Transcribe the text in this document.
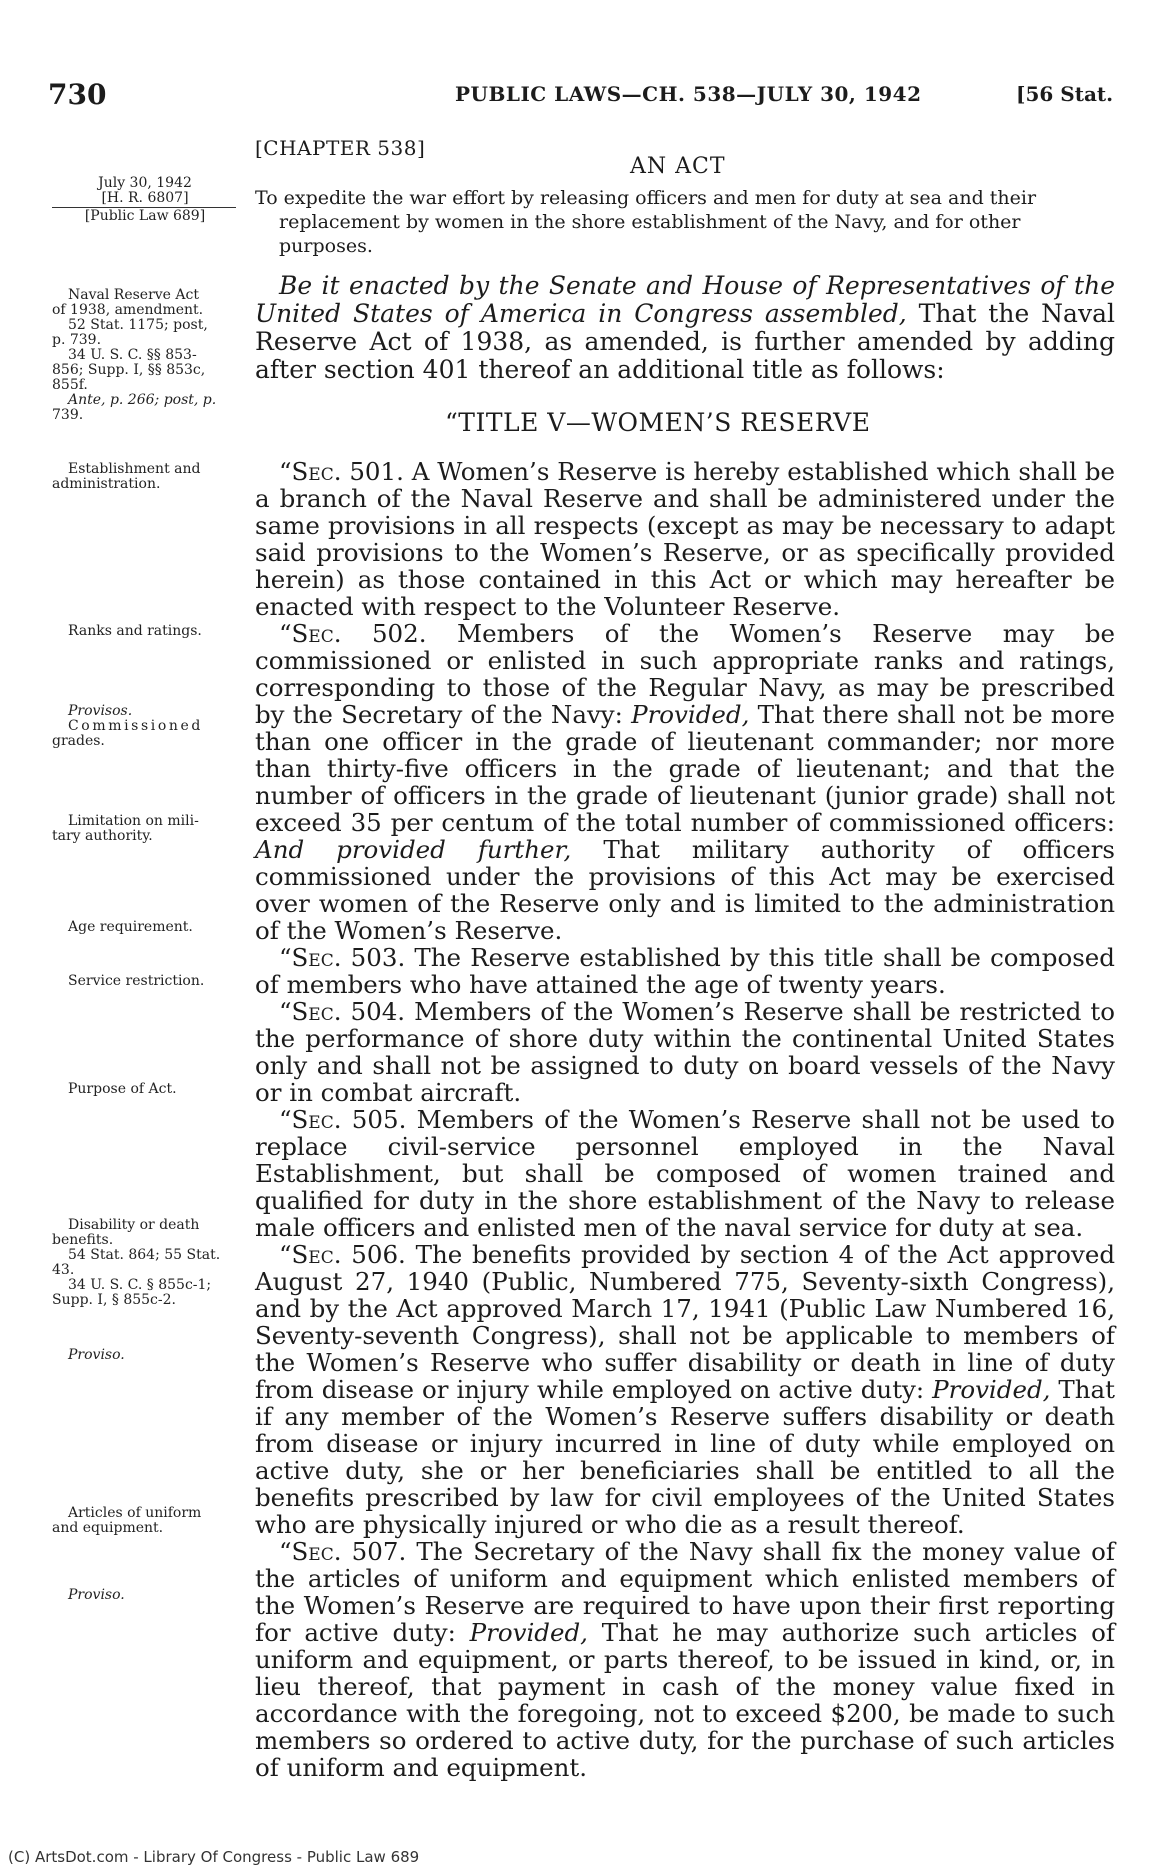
730	PUBLIC LAWS—CH. 538—JULY 30, 1942	[56 Stat.
July 30, 1942
[H. R. 6807]
[Public Law 689]
Naval Reserve Act
of 1938, amendment.
52 Stat. 1175; post,
p. 739.
34 U. S. C. §§ 853-
856; Supp. I, §§ 853c,
855f.
Ante, p. 266; post, p.
739.
Establishment and
administration.
Ranks and ratings.
Provisos.
Commissioned
grades.
Limitation on mili-
tary authority.
Age requirement.
Service restriction.
Purpose of Act.
Disability or death
benefits.
54 Stat. 864; 55 Stat.
43.
34 U. S. C. § 855c-1;
Supp. I, § 855c-2.
Proviso.
Articles of uniform
and equipment.
Proviso.
[CHAPTER 538]
AN ACT
To expedite the war effort by releasing officers and men for duty at sea and their
replacement by women in the shore establishment of the Navy, and for other
purposes.
Be it enacted by the Senate and House of Representatives of the United States of America in Congress assembled, That the Naval Reserve Act of 1938, as amended, is further amended by adding after section 401 thereof an additional title as follows:
“TITLE V—WOMEN’S RESERVE

“Sec. 501. A Women’s Reserve is hereby established which shall be a branch of the Naval Reserve and shall be administered under the same provisions in all respects (except as may be necessary to adapt said provisions to the Women’s Reserve, or as specifically provided herein) as those contained in this Act or which may hereafter be enacted with respect to the Volunteer Reserve.

“Sec. 502. Members of the Women’s Reserve may be commissioned or enlisted in such appropriate ranks and ratings, corresponding to those of the Regular Navy, as may be prescribed by the Secretary of the Navy: Provided, That there shall not be more than one officer in the grade of lieutenant commander; nor more than thirty-five officers in the grade of lieutenant; and that the number of officers in the grade of lieutenant (junior grade) shall not exceed 35 per centum of the total number of commissioned officers: And provided further, That military authority of officers commissioned under the provisions of this Act may be exercised over women of the Reserve only and is limited to the administration of the Women’s Reserve.

“Sec. 503. The Reserve established by this title shall be composed of members who have attained the age of twenty years.

“Sec. 504. Members of the Women’s Reserve shall be restricted to the performance of shore duty within the continental United States only and shall not be assigned to duty on board vessels of the Navy or in combat aircraft.

“Sec. 505. Members of the Women’s Reserve shall not be used to replace civil-service personnel employed in the Naval Establishment, but shall be composed of women trained and qualified for duty in the shore establishment of the Navy to release male officers and enlisted men of the naval service for duty at sea.

“Sec. 506. The benefits provided by section 4 of the Act approved August 27, 1940 (Public, Numbered 775, Seventy-sixth Congress), and by the Act approved March 17, 1941 (Public Law Numbered 16, Seventy-seventh Congress), shall not be applicable to members of the Women’s Reserve who suffer disability or death in line of duty from disease or injury while employed on active duty: Provided, That if any member of the Women’s Reserve suffers disability or death from disease or injury incurred in line of duty while employed on active duty, she or her beneficiaries shall be entitled to all the benefits prescribed by law for civil employees of the United States who are physically injured or who die as a result thereof.

“Sec. 507. The Secretary of the Navy shall fix the money value of the articles of uniform and equipment which enlisted members of the Women’s Reserve are required to have upon their first reporting for active duty: Provided, That he may authorize such articles of uniform and equipment, or parts thereof, to be issued in kind, or, in lieu thereof, that payment in cash of the money value fixed in accordance with the foregoing, not to exceed $200, be made to such members so ordered to active duty, for the purchase of such articles of uniform and equipment.

(C) ArtsDot.com - Library Of Congress - Public Law 689
